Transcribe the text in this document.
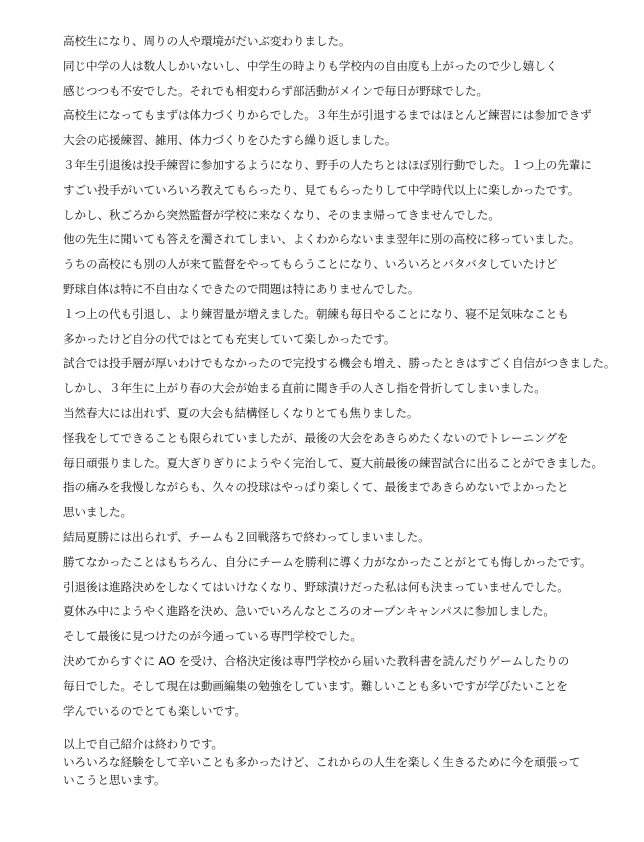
高校生になり、周りの人や環境がだいぶ変わりました。
同じ中学の人は数人しかいないし、中学生の時よりも学校内の自由度も上がったので少し嬉しく
感じつつも不安でした。それでも相変わらず部活動がメインで毎日が野球でした。
高校生になってもまずは体力づくりからでした。３年生が引退するまではほとんど練習には参加できず
大会の応援練習、雑用、体力づくりをひたすら繰り返しました。
３年生引退後は投手練習に参加するようになり、野手の人たちとはほぼ別行動でした。１つ上の先輩に
すごい投手がいていろいろ教えてもらったり、見てもらったりして中学時代以上に楽しかったです。
しかし、秋ごろから突然監督が学校に来なくなり、そのまま帰ってきませんでした。
他の先生に聞いても答えを濁されてしまい、よくわからないまま翌年に別の高校に移っていました。
うちの高校にも別の人が来て監督をやってもらうことになり、いろいろとバタバタしていたけど
野球自体は特に不自由なくできたので問題は特にありませんでした。
１つ上の代も引退し、より練習量が増えました。朝練も毎日やることになり、寝不足気味なことも
多かったけど自分の代ではとても充実していて楽しかったです。
試合では投手層が厚いわけでもなかったので完投する機会も増え、勝ったときはすごく自信がつきました。
しかし、３年生に上がり春の大会が始まる直前に聞き手の人さし指を骨折してしまいました。
当然春大には出れず、夏の大会も結構怪しくなりとても焦りました。
怪我をしてできることも限られていましたが、最後の大会をあきらめたくないのでトレーニングを
毎日頑張りました。夏大ぎりぎりにようやく完治して、夏大前最後の練習試合に出ることができました。
指の痛みを我慢しながらも、久々の投球はやっぱり楽しくて、最後まであきらめないでよかったと
思いました。
結局夏勝には出られず、チームも２回戦落ちで終わってしまいました。
勝てなかったことはもちろん、自分にチームを勝利に導く力がなかったことがとても悔しかったです。
引退後は進路決めをしなくてはいけなくなり、野球漬けだった私は何も決まっていませんでした。
夏休み中にようやく進路を決め、急いでいろんなところのオープンキャンパスに参加しました。
そして最後に見つけたのが今通っている専門学校でした。
決めてからすぐに AO を受け、合格決定後は専門学校から届いた教科書を読んだりゲームしたりの
毎日でした。そして現在は動画編集の勉強をしています。難しいことも多いですが学びたいことを
学んでいるのでとても楽しいです。
以上で自己紹介は終わりです。
いろいろな経験をして辛いことも多かったけど、これからの人生を楽しく生きるために今を頑張って
いこうと思います。
